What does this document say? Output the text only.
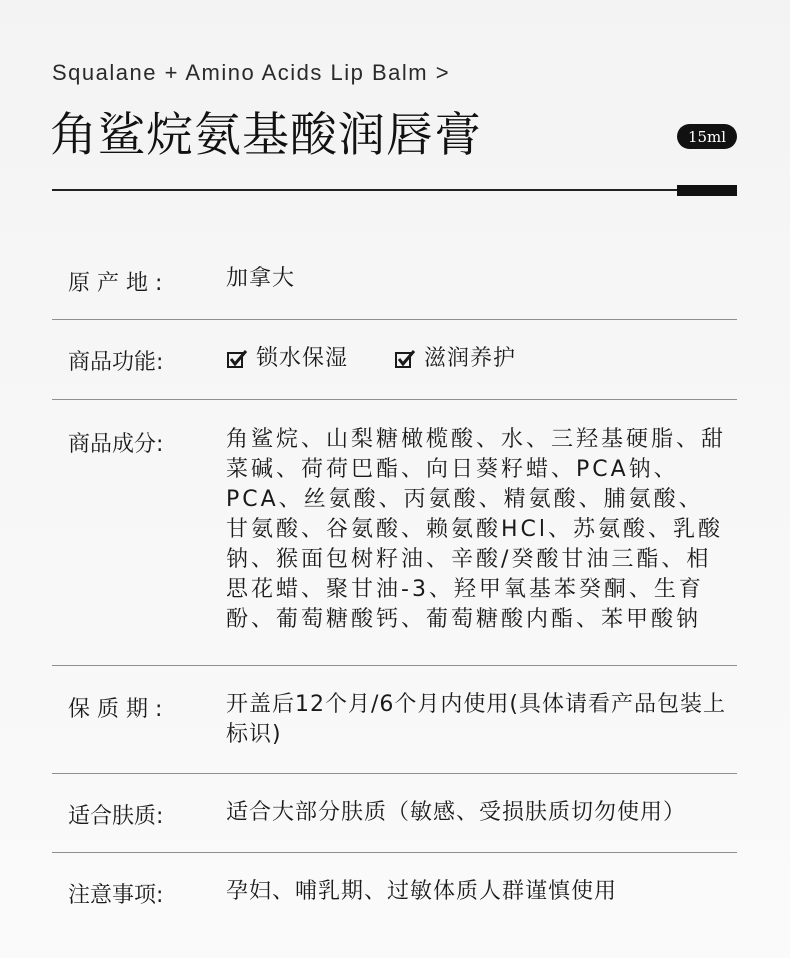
Squalane + Amino Acids Lip Balm >
角鲨烷氨基酸润唇膏	15ml
原 产 地 :	加拿大
商品功能:	锁水保湿
	滋润养护
商品成分:	角鲨烷、山梨糖橄榄酸、水、三羟基硬脂、甜菜碱、荷荷巴酯、向日葵籽蜡、PCA钠、PCA、丝氨酸、丙氨酸、精氨酸、脯氨酸、甘氨酸、谷氨酸、赖氨酸HCl、苏氨酸、乳酸钠、猴面包树籽油、辛酸/癸酸甘油三酯、相思花蜡、聚甘油-3、羟甲氧基苯癸酮、生育酚、葡萄糖酸钙、葡萄糖酸内酯、苯甲酸钠
保 质 期 :	开盖后12个月/6个月内使用(具体请看产品包装上标识)
适合肤质:	适合大部分肤质（敏感、受损肤质切勿使用）
注意事项:	孕妇、哺乳期、过敏体质人群谨慎使用
